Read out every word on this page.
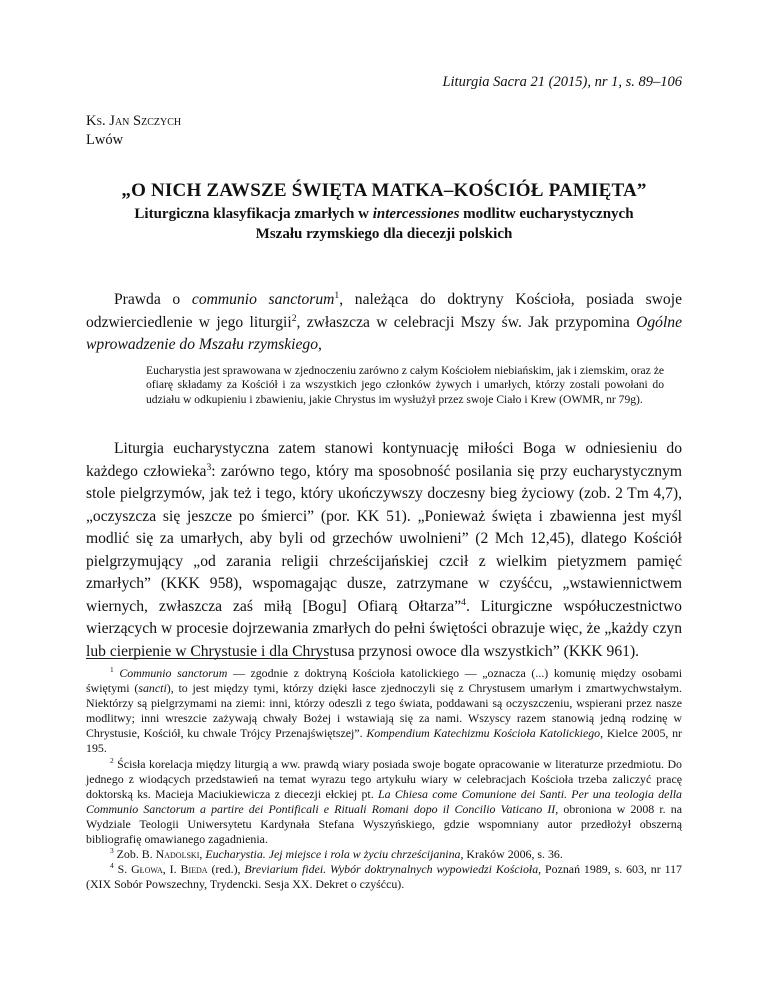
Liturgia Sacra 21 (2015), nr 1, s. 89–106
Ks. Jan Szczych
Lwów
„O NICH ZAWSZE ŚWIĘTA MATKA–KOŚCIÓŁ PAMIĘTA”

Liturgiczna klasyfikacja zmarłych w intercessiones modlitw eucharystycznych
Mszału rzymskiego dla diecezji polskich

Prawda o communio sanctorum$^1$, należąca do doktryny Kościoła, posiada swoje odzwierciedlenie w jego liturgii$^2$, zwłaszcza w celebracji Mszy św. Jak przypomina Ogólne wprowadzenie do Mszału rzymskiego,
Eucharystia jest sprawowana w zjednoczeniu zarówno z całym Kościołem niebiańskim, jak i ziemskim, oraz że ofiarę składamy za Kościół i za wszystkich jego członków żywych i umarłych, którzy zostali powołani do udziału w odkupieniu i zbawieniu, jakie Chrystus im wysłużył przez swoje Ciało i Krew (OWMR, nr 79g).
Liturgia eucharystyczna zatem stanowi kontynuację miłości Boga w odniesieniu do każdego człowieka$^3$: zarówno tego, który ma sposobność posilania się przy eucharystycznym stole pielgrzymów, jak też i tego, który ukończywszy doczesny bieg życiowy (zob. 2 Tm 4,7), „oczyszcza się jeszcze po śmierci” (por. KK 51). „Ponieważ święta i zbawienna jest myśl modlić się za umarłych, aby byli od grzechów uwolnieni” (2 Mch 12,45), dlatego Kościół pielgrzymujący „od zarania religii chrześcijańskiej czcił z wielkim pietyzmem pamięć zmarłych” (KKK 958), wspomagając dusze, zatrzymane w czyśćcu, „wstawiennictwem wiernych, zwłaszcza zaś miłą [Bogu] Ofiarą Ołtarza”$^4$. Liturgiczne współuczestnictwo wierzących w procesie dojrzewania zmarłych do pełni świętości obrazuje więc, że „każdy czyn lub cierpienie w Chrystusie i dla Chrystusa przynosi owoce dla wszystkich” (KKK 961).

$^1$ Communio sanctorum — zgodnie z doktryną Kościoła katolickiego — „oznacza (...) komunię między osobami świętymi (sancti), to jest między tymi, którzy dzięki łasce zjednoczyli się z Chrystusem umarłym i zmartwychwstałym. Niektórzy są pielgrzymami na ziemi: inni, którzy odeszli z tego świata, poddawani są oczyszczeniu, wspierani przez nasze modlitwy; inni wreszcie zażywają chwały Bożej i wstawiają się za nami. Wszyscy razem stanowią jedną rodzinę w Chrystusie, Kościół, ku chwale Trójcy Przenajświętszej”. Kompendium Katechizmu Kościoła Katolickiego, Kielce 2005, nr 195.

$^2$ Ścisła korelacja między liturgią a ww. prawdą wiary posiada swoje bogate opracowanie w literaturze przedmiotu. Do jednego z wiodących przedstawień na temat wyrazu tego artykułu wiary w celebracjach Kościoła trzeba zaliczyć pracę doktorską ks. Macieja Maciukiewicza z diecezji ełckiej pt. La Chiesa come Comunione dei Santi. Per una teologia della Communio Sanctorum a partire dei Pontificali e Rituali Romani dopo il Concilio Vaticano II, obroniona w 2008 r. na Wydziale Teologii Uniwersytetu Kardynała Stefana Wyszyńskiego, gdzie wspomniany autor przedłożył obszerną bibliografię omawianego zagadnienia.

$^3$ Zob. B. Nadolski, Eucharystia. Jej miejsce i rola w życiu chrześcijanina, Kraków 2006, s. 36.

$^4$ S. Głowa, I. Bieda (red.), Breviarium fidei. Wybór doktrynalnych wypowiedzi Kościoła, Poznań 1989, s. 603, nr 117 (XIX Sobór Powszechny, Trydencki. Sesja XX. Dekret o czyśćcu).
